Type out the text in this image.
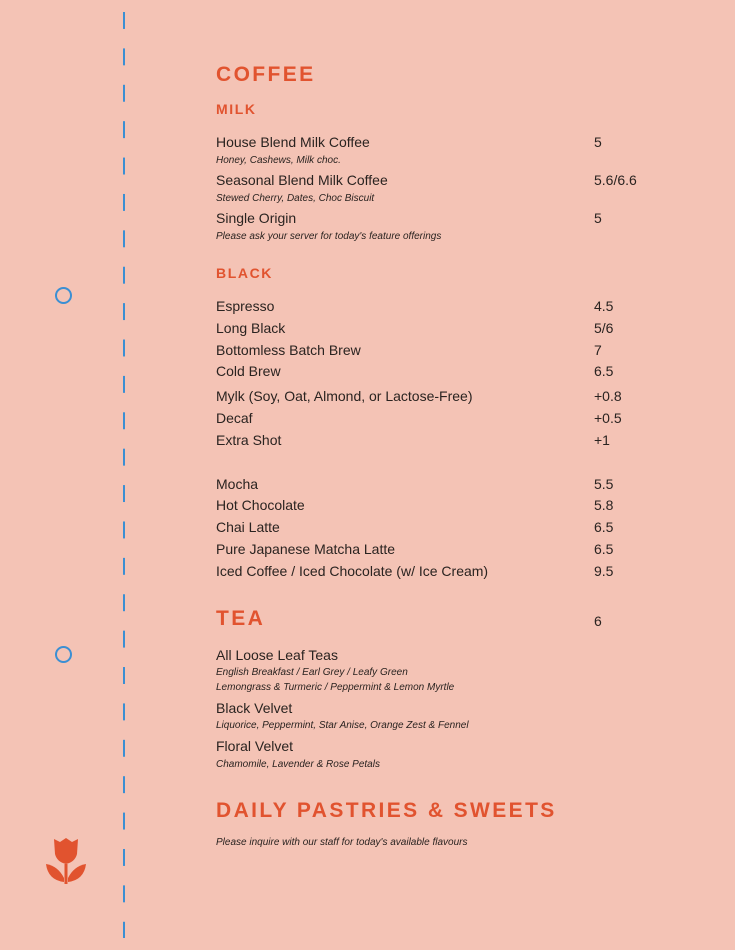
COFFEE
MILK
House Blend Milk Coffee	5
Honey, Cashews, Milk choc.
Seasonal Blend Milk Coffee	5.6/6.6
Stewed Cherry, Dates, Choc Biscuit
Single Origin	5
Please ask your server for today's feature offerings
BLACK
Espresso	4.5
Long Black	5/6
Bottomless Batch Brew	7
Cold Brew	6.5
Mylk (Soy, Oat, Almond, or Lactose-Free)	+0.8
Decaf	+0.5
Extra Shot	+1
Mocha	5.5
Hot Chocolate	5.8
Chai Latte	6.5
Pure Japanese Matcha Latte	6.5
Iced Coffee / Iced Chocolate (w/ Ice Cream)	9.5
TEA	6
All Loose Leaf Teas
English Breakfast / Earl Grey / Leafy Green
Lemongrass & Turmeric / Peppermint & Lemon Myrtle
Black Velvet
Liquorice, Peppermint, Star Anise, Orange Zest & Fennel
Floral Velvet
Chamomile, Lavender & Rose Petals
DAILY PASTRIES & SWEETS
Please inquire with our staff for today's available flavours
